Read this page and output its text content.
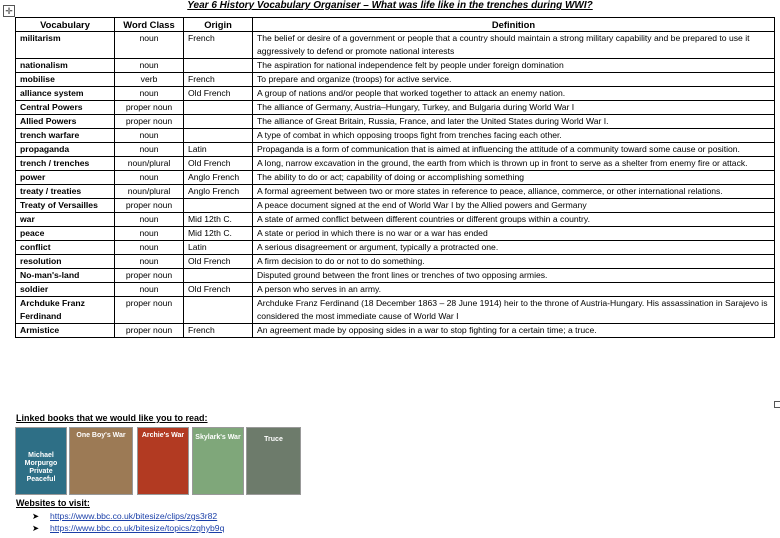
✛	Year 6 History Vocabulary Organiser – What was life like in the trenches during WWI?
Vocabulary	Word Class	Origin	Definition
militarism	noun	French	The belief or desire of a government or people that a country should maintain a strong military capability and be prepared to use it aggressively to defend or promote national interests
nationalism	noun		The aspiration for national independence felt by people under foreign domination
mobilise	verb	French	To prepare and organize (troops) for active service.
alliance system	noun	Old French	A group of nations and/or people that worked together to attack an enemy nation.
Central Powers	proper noun		The alliance of Germany, Austria–Hungary, Turkey, and Bulgaria during World War I
Allied Powers	proper noun		The alliance of Great Britain, Russia, France, and later the United States during World War I.
trench warfare	noun		A type of combat in which opposing troops fight from trenches facing each other.
propaganda	noun	Latin	Propaganda is a form of communication that is aimed at influencing the attitude of a community toward some cause or position.
trench / trenches	noun/plural	Old French	A long, narrow excavation in the ground, the earth from which is thrown up in front to serve as a shelter from enemy fire or attack.
power	noun	Anglo French	The ability to do or act; capability of doing or accomplishing something
treaty / treaties	noun/plural	Anglo French	A formal agreement between two or more states in reference to peace, alliance, commerce, or other international relations.
Treaty of Versailles	proper noun		A peace document signed at the end of World War I by the Allied powers and Germany
war	noun	Mid 12th C.	A state of armed conflict between different countries or different groups within a country.
peace	noun	Mid 12th C.	A state or period in which there is no war or a war has ended
conflict	noun	Latin	A serious disagreement or argument, typically a protracted one.
resolution	noun	Old French	A firm decision to do or not to do something.
No-man's-land	proper noun		Disputed ground between the front lines or trenches of two opposing armies.
soldier	noun	Old French	A person who serves in an army.
Archduke Franz Ferdinand	proper noun		Archduke Franz Ferdinand (18 December 1863 – 28 June 1914) heir to the throne of Austria-Hungary. His assassination in Sarajevo is considered the most immediate cause of World War I
Armistice	proper noun	French	An agreement made by opposing sides in a war to stop fighting for a certain time; a truce.
Linked books that we would like you to read:
Michael Morpurgo Private Peaceful
One Boy's War	Archie's War Skylark's War	Truce
Websites to visit:
➤ https://www.bbc.co.uk/bitesize/clips/zgs3r82
➤ https://www.bbc.co.uk/bitesize/topics/zqhyb9q
